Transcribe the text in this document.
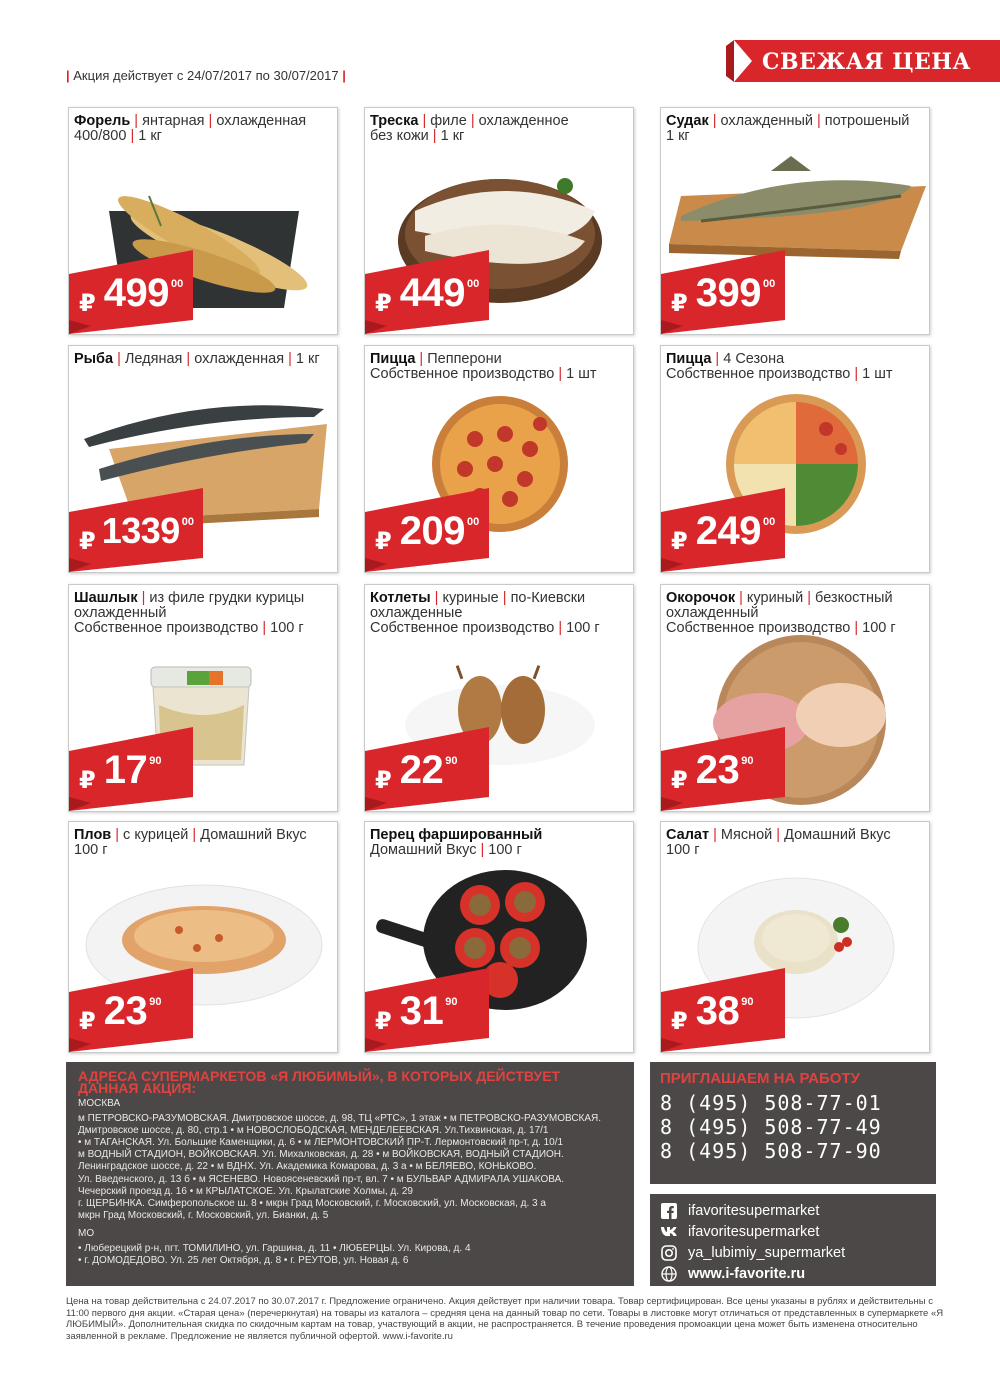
| Акция действует с 24/07/2017 по 30/07/2017 |
СВЕЖАЯ ЦЕНА
Форель | янтарная | охлажденная
400/800 | 1 кг
₽ 499 00
Треска | филе | охлажденное
без кожи | 1 кг
₽ 449 00
Судак | охлажденный | потрошеный
1 кг
₽ 399 00
Рыба | Ледяная | охлажденная | 1 кг
₽ 1339 00
Пицца | Пепперони
Собственное производство | 1 шт
₽ 209 00
Пицца | 4 Сезона
Собственное производство | 1 шт
₽ 249 00
Шашлык | из филе грудки курицы
охлажденный
Собственное производство | 100 г
₽ 17 90
Котлеты | куриные | по-Киевски
охлажденные
Собственное производство | 100 г
₽ 22 90
Окорочок | куриный | безкостный
охлажденный
Собственное производство | 100 г
₽ 23 90
Плов | с курицей | Домашний Вкус
100 г
₽ 23 90
Перец фаршированный
Домашний Вкус | 100 г
₽ 31 90
Салат | Мясной | Домашний Вкус
100 г
₽ 38 90
АДРЕСА СУПЕРМАРКЕТОВ «Я ЛЮБИМЫЙ», В КОТОРЫХ ДЕЙСТВУЕТ ДАННАЯ АКЦИЯ:
МОСКВА
м ПЕТРОВСКО-РАЗУМОВСКАЯ. Дмитровское шоссе, д. 98, ТЦ «РТС», 1 этаж • м ПЕТРОВСКО-РАЗУМОВСКАЯ.
Дмитровское шоссе, д. 80, стр.1 • м НОВОСЛОБОДСКАЯ, МЕНДЕЛЕЕВСКАЯ. Ул.Тихвинская, д. 17/1
• м ТАГАНСКАЯ. Ул. Большие Каменщики, д. 6 • м ЛЕРМОНТОВСКИЙ ПР-Т. Лермонтовский пр-т, д. 10/1
м ВОДНЫЙ СТАДИОН, ВОЙКОВСКАЯ. Ул. Михалковская, д. 28 • м ВОЙКОВСКАЯ, ВОДНЫЙ СТАДИОН.
Ленинградское шоссе, д. 22 • м ВДНХ. Ул. Академика Комарова, д. 3 а • м БЕЛЯЕВО, КОНЬКОВО.
Ул. Введенского, д. 13 б • м ЯСЕНЕВО. Новоясеневский пр-т, вл. 7 • м БУЛЬВАР АДМИРАЛА УШАКОВА.
Чечерский проезд д. 16 • м КРЫЛАТСКОЕ. Ул. Крылатские Холмы, д. 29
г. ЩЕРБИНКА. Симферопольское ш. 8 • мкрн Град Московский, г. Московский, ул. Московская, д. 3 а
мкрн Град Московский, г. Московский, ул. Бианки, д. 5
МО
• Люберецкий р-н, пгт. ТОМИЛИНО, ул. Гаршина, д. 11 • ЛЮБЕРЦЫ. Ул. Кирова, д. 4
• г. ДОМОДЕДОВО. Ул. 25 лет Октября, д. 8 • г. РЕУТОВ, ул. Новая д. 6
ПРИГЛАШАЕМ НА РАБОТУ
8 (495) 508-77-01
8 (495) 508-77-49
8 (495) 508-77-90
ifavoritesupermarket
ifavoritesupermarket
ya_lubimiy_supermarket
www.i-favorite.ru
Цена на товар действительна с 24.07.2017 по 30.07.2017 г. Предложение ограничено. Акция действует при наличии товара. Товар сертифицирован. Все цены указаны в рублях и действительны с 11:00 первого дня акции. «Старая цена» (перечеркнутая) на товары из каталога – средняя цена на данный товар по сети. Товары в листовке могут отличаться от представленных в супермаркете «Я ЛЮБИМЫЙ». Дополнительная скидка по скидочным картам на товар, участвующий в акции, не распространяется. В течение проведения промоакции цена может быть изменена относительно заявленной в рекламе. Предложение не является публичной офертой. www.i-favorite.ru
